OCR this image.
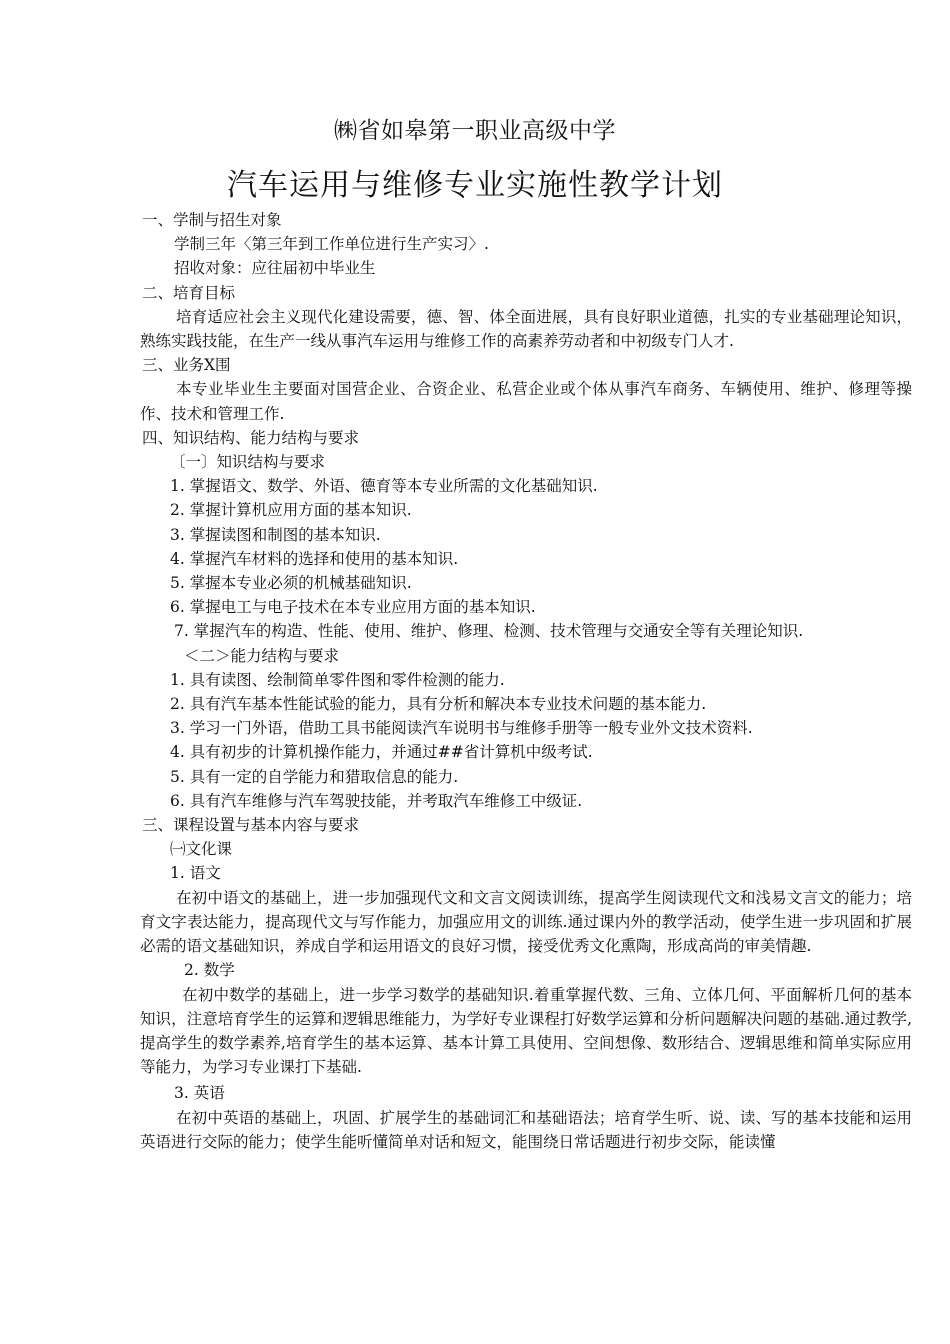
㈱省如皋第一职业高级中学
汽车运用与维修专业实施性教学计划
一、学制与招生对象
学制三年〈第三年到工作单位进行生产实习〉.
招收对象：应往届初中毕业生
二、培育目标
培育适应社会主义现代化建设需要，德、智、体全面进展，具有良好职业道德，扎实的专业基础理论知识，熟练实践技能，在生产一线从事汽车运用与维修工作的高素养劳动者和中初级专门人才.
三、业务X围
本专业毕业生主要面对国营企业、合资企业、私营企业或个体从事汽车商务、车辆使用、维护、修理等操作、技术和管理工作.
四、知识结构、能力结构与要求
〔一〕知识结构与要求
1. 掌握语文、数学、外语、德育等本专业所需的文化基础知识.
2. 掌握计算机应用方面的基本知识.
3. 掌握读图和制图的基本知识.
4. 掌握汽车材料的选择和使用的基本知识.
5. 掌握本专业必须的机械基础知识.
6. 掌握电工与电子技术在本专业应用方面的基本知识.
7. 掌握汽车的构造、性能、使用、维护、修理、检测、技术管理与交通安全等有关理论知识.
＜二＞能力结构与要求
1. 具有读图、绘制简单零件图和零件检测的能力.
2. 具有汽车基本性能试验的能力，具有分析和解决本专业技术问题的基本能力.
3. 学习一门外语，借助工具书能阅读汽车说明书与维修手册等一般专业外文技术资料.
4. 具有初步的计算机操作能力，并通过##省计算机中级考试.
5. 具有一定的自学能力和猎取信息的能力.
6. 具有汽车维修与汽车驾驶技能，并考取汽车维修工中级证.
三、课程设置与基本内容与要求
㈠文化课
1. 语文
在初中语文的基础上，进一步加强现代文和文言文阅读训练，提高学生阅读现代文和浅易文言文的能力；培育文字表达能力，提高现代文与写作能力，加强应用文的训练.通过课内外的教学活动，使学生进一步巩固和扩展必需的语文基础知识，养成自学和运用语文的良好习惯，接受优秀文化熏陶，形成高尚的审美情趣.
2. 数学
在初中数学的基础上，进一步学习数学的基础知识.着重掌握代数、三角、立体几何、平面解析几何的基本知识，注意培育学生的运算和逻辑思维能力，为学好专业课程打好数学运算和分析问题解决问题的基础.通过教学,提高学生的数学素养,培育学生的基本运算、基本计算工具使用、空间想像、数形结合、逻辑思维和简单实际应用等能力，为学习专业课打下基础.
3. 英语
在初中英语的基础上，巩固、扩展学生的基础词汇和基础语法；培育学生听、说、读、写的基本技能和运用英语进行交际的能力；使学生能听懂简单对话和短文，能围绕日常话题进行初步交际，能读懂
